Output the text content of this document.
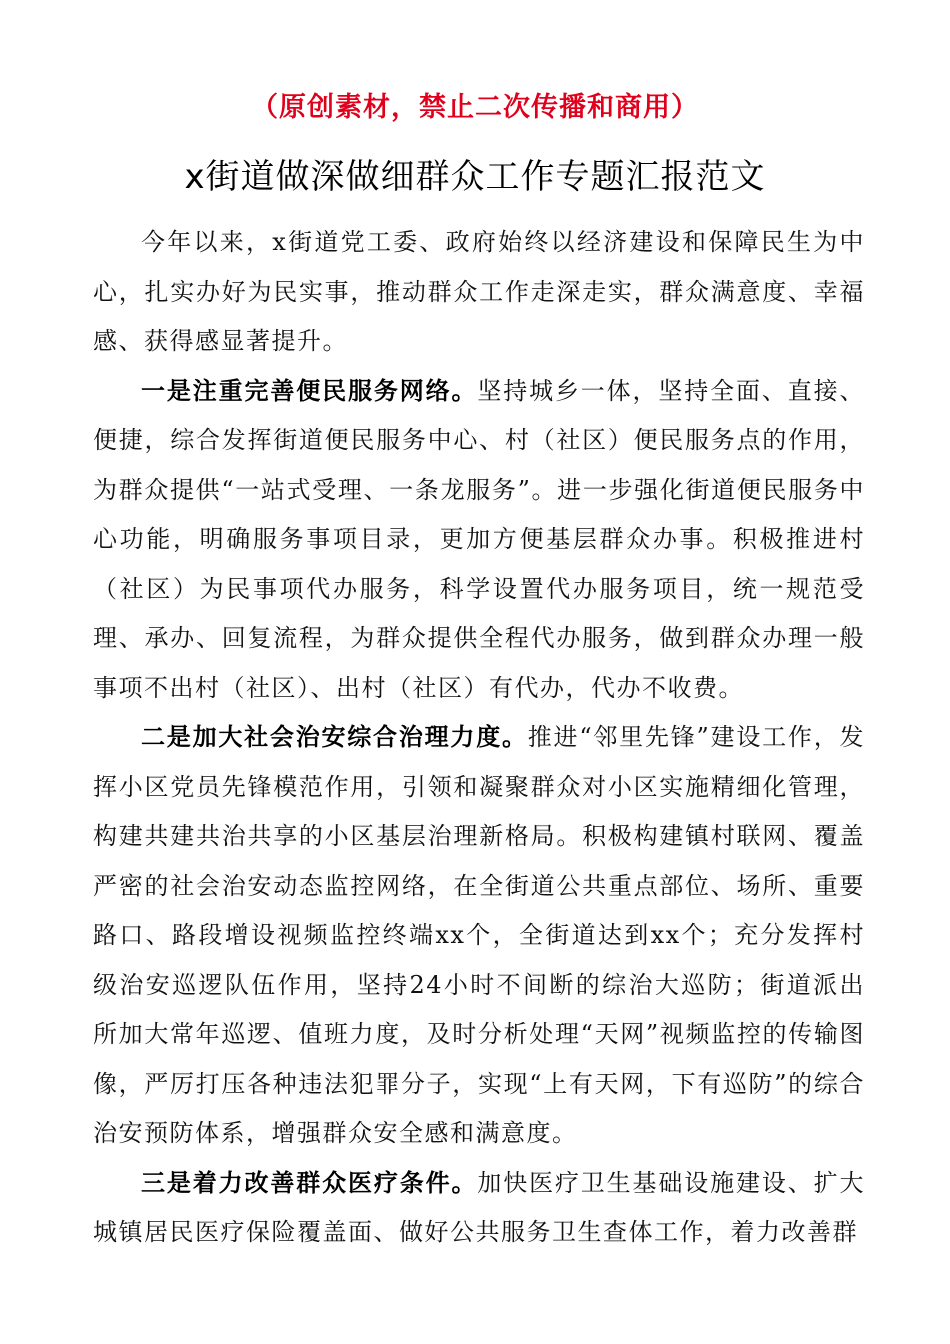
（原创素材，禁止二次传播和商用）
x街道做深做细群众工作专题汇报范文

今年以来，x街道党工委、政府始终以经济建设和保障民生为中心，扎实办好为民实事，推动群众工作走深走实，群众满意度、幸福感、获得感显著提升。

一是注重完善便民服务网络。坚持城乡一体，坚持全面、直接、便捷，综合发挥街道便民服务中心、村（社区）便民服务点的作用，为群众提供“一站式受理、一条龙服务”。进一步强化街道便民服务中心功能，明确服务事项目录，更加方便基层群众办事。积极推进村（社区）为民事项代办服务，科学设置代办服务项目，统一规范受理、承办、回复流程，为群众提供全程代办服务，做到群众办理一般事项不出村（社区）、出村（社区）有代办，代办不收费。

二是加大社会治安综合治理力度。推进“邻里先锋”建设工作，发挥小区党员先锋模范作用，引领和凝聚群众对小区实施精细化管理，构建共建共治共享的小区基层治理新格局。积极构建镇村联网、覆盖严密的社会治安动态监控网络，在全街道公共重点部位、场所、重要路口、路段增设视频监控终端xx个，全街道达到xx个；充分发挥村级治安巡逻队伍作用，坚持24小时不间断的综治大巡防；街道派出所加大常年巡逻、值班力度，及时分析处理“天网”视频监控的传输图像，严厉打压各种违法犯罪分子，实现“上有天网，下有巡防”的综合治安预防体系，增强群众安全感和满意度。

三是着力改善群众医疗条件。加快医疗卫生基础设施建设、扩大城镇居民医疗保险覆盖面、做好公共服务卫生查体工作，着力改善群
